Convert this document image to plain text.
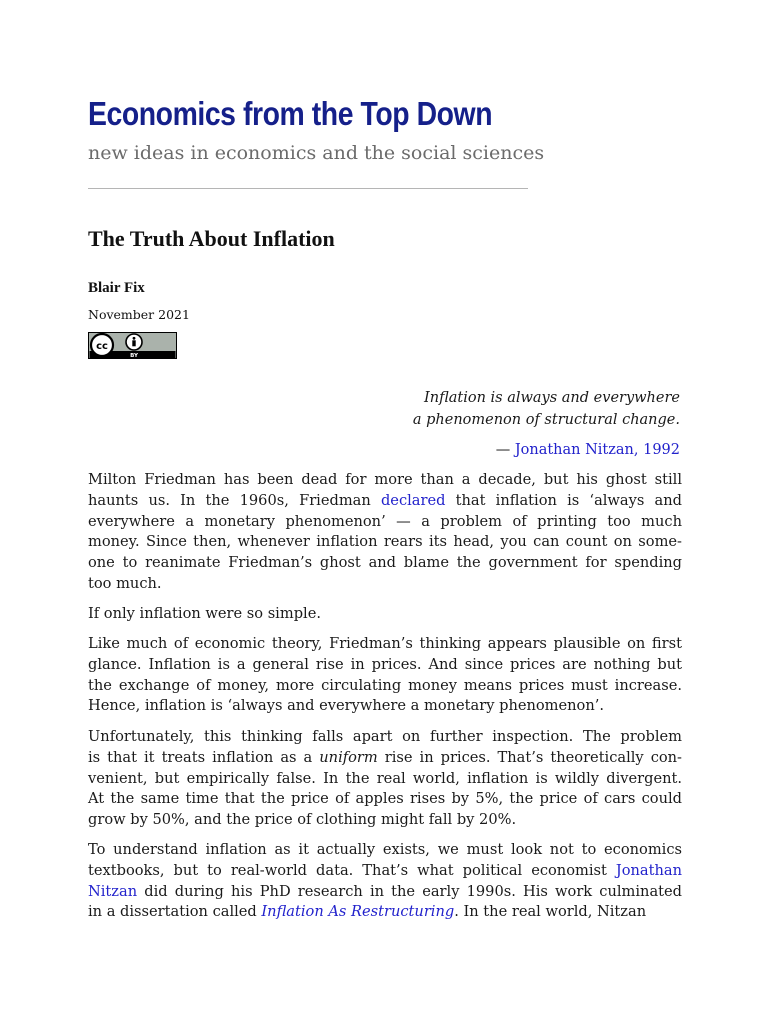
Economics from the Top Down
new ideas in economics and the social sciences
The Truth About Inflation
Blair Fix
November 2021
cc
BY
Inflation is always and everywhere
a phenomenon of structural change.
— Jonathan Nitzan, 1992

Milton Friedman has been dead for more than a decade, but his ghost still
haunts us. In the 1960s, Friedman declared that inflation is ‘always and
everywhere a monetary phenomenon’ — a problem of printing too much
money. Since then, whenever inflation rears its head, you can count on some-
one to reanimate Friedman’s ghost and blame the government for spending
too much.

If only inflation were so simple.

Like much of economic theory, Friedman’s thinking appears plausible on first
glance. Inflation is a general rise in prices. And since prices are nothing but
the exchange of money, more circulating money means prices must increase.
Hence, inflation is ‘always and everywhere a monetary phenomenon’.

Unfortunately, this thinking falls apart on further inspection. The problem
is that it treats inflation as a uniform rise in prices. That’s theoretically con-
venient, but empirically false. In the real world, inflation is wildly divergent.
At the same time that the price of apples rises by 5%, the price of cars could
grow by 50%, and the price of clothing might fall by 20%.

To understand inflation as it actually exists, we must look not to economics
textbooks, but to real-world data. That’s what political economist Jonathan
Nitzan did during his PhD research in the early 1990s. His work culminated
in a dissertation called Inflation As Restructuring. In the real world, Nitzan
